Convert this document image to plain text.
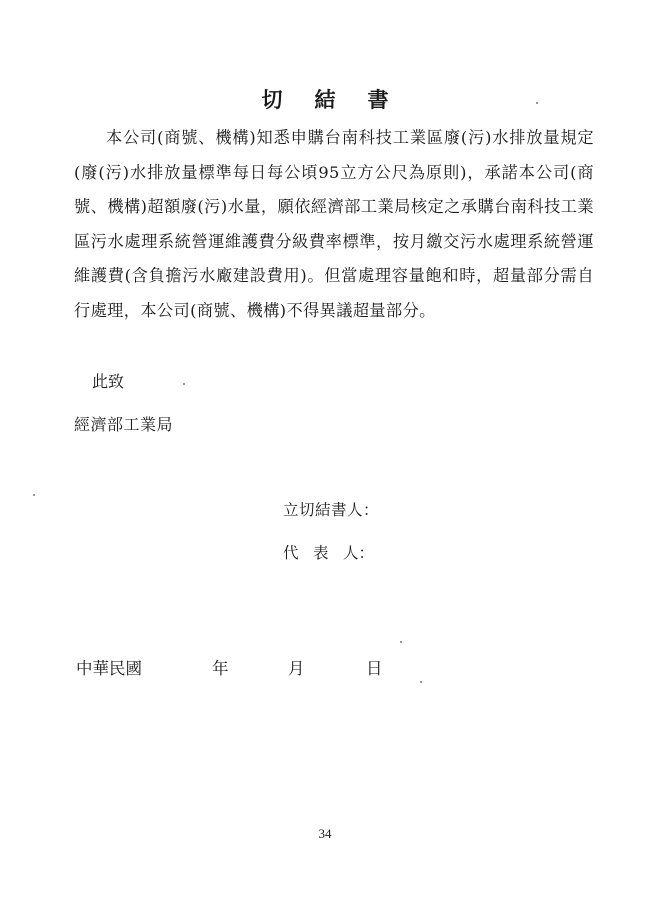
切 結 書

本公司(商號、機構)知悉申購台南科技工業區廢(污)水排放量規定(廢(污)水排放量標準每日每公頃95立方公尺為原則)，承諾本公司(商號、機構)超額廢(污)水量，願依經濟部工業局核定之承購台南科技工業區污水處理系統營運維護費分級費率標準，按月繳交污水處理系統營運維護費(含負擔污水廠建設費用)。但當處理容量飽和時，超量部分需自行處理，本公司(商號、機構)不得異議超量部分。

此致
經濟部工業局
立切結書人：
代 表 人：
中華民國	年	月	日
34
